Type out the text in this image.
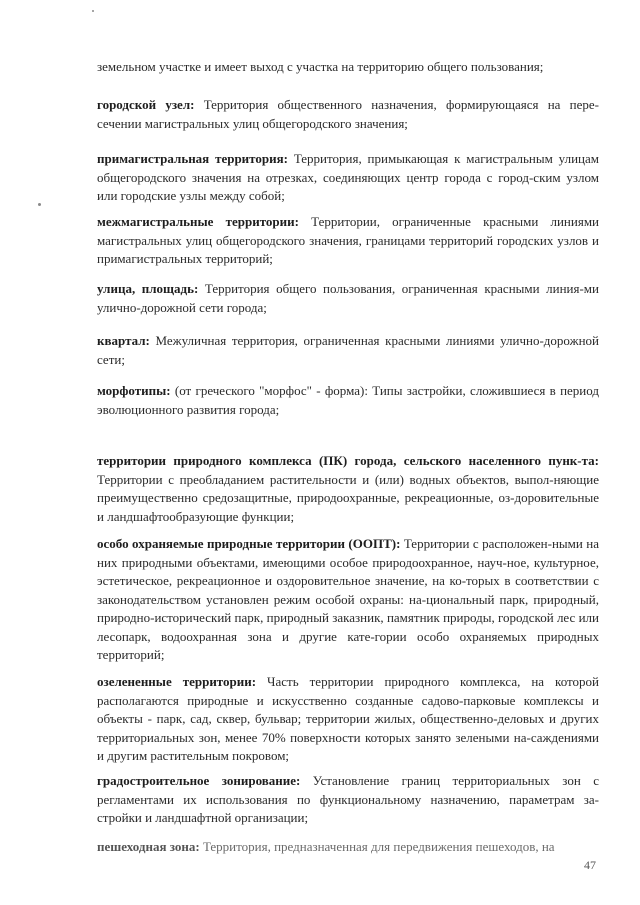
земельном участке и имеет выход с участка на территорию общего пользования;

городской узел: Территория общественного назначения, формирующаяся на пере-сечении магистральных улиц общегородского значения;

примагистральная территория: Территория, примыкающая к магистральным улицам общегородского значения на отрезках, соединяющих центр города с город-ским узлом или городские узлы между собой;

межмагистральные территории: Территории, ограниченные красными линиями магистральных улиц общегородского значения, границами территорий городских узлов и примагистральных территорий;

улица, площадь: Территория общего пользования, ограниченная красными линия-ми улично-дорожной сети города;

квартал: Межуличная территория, ограниченная красными линиями улично-дорожной сети;

морфотипы: (от греческого "морфос" - форма): Типы застройки, сложившиеся в период эволюционного развития города;

территории природного комплекса (ПК) города, сельского населенного пунк-та: Территории с преобладанием растительности и (или) водных объектов, выпол-няющие преимущественно средозащитные, природоохранные, рекреационные, оз-доровительные и ландшафтообразующие функции;

особо охраняемые природные территории (ООПТ): Территории с расположен-ными на них природными объектами, имеющими особое природоохранное, науч-ное, культурное, эстетическое, рекреационное и оздоровительное значение, на ко-торых в соответствии с законодательством установлен режим особой охраны: на-циональный парк, природный, природно-исторический парк, природный заказник, памятник природы, городской лес или лесопарк, водоохранная зона и другие кате-гории особо охраняемых природных территорий;

озелененные территории: Часть территории природного комплекса, на которой располагаются природные и искусственно созданные садово-парковые комплексы и объекты - парк, сад, сквер, бульвар; территории жилых, общественно-деловых и других территориальных зон, менее 70% поверхности которых занято зелеными на-саждениями и другим растительным покровом;

градостроительное зонирование: Установление границ территориальных зон с регламентами их использования по функциональному назначению, параметрам за-стройки и ландшафтной организации;

пешеходная зона: Территория, предназначенная для передвижения пешеходов, на

47
